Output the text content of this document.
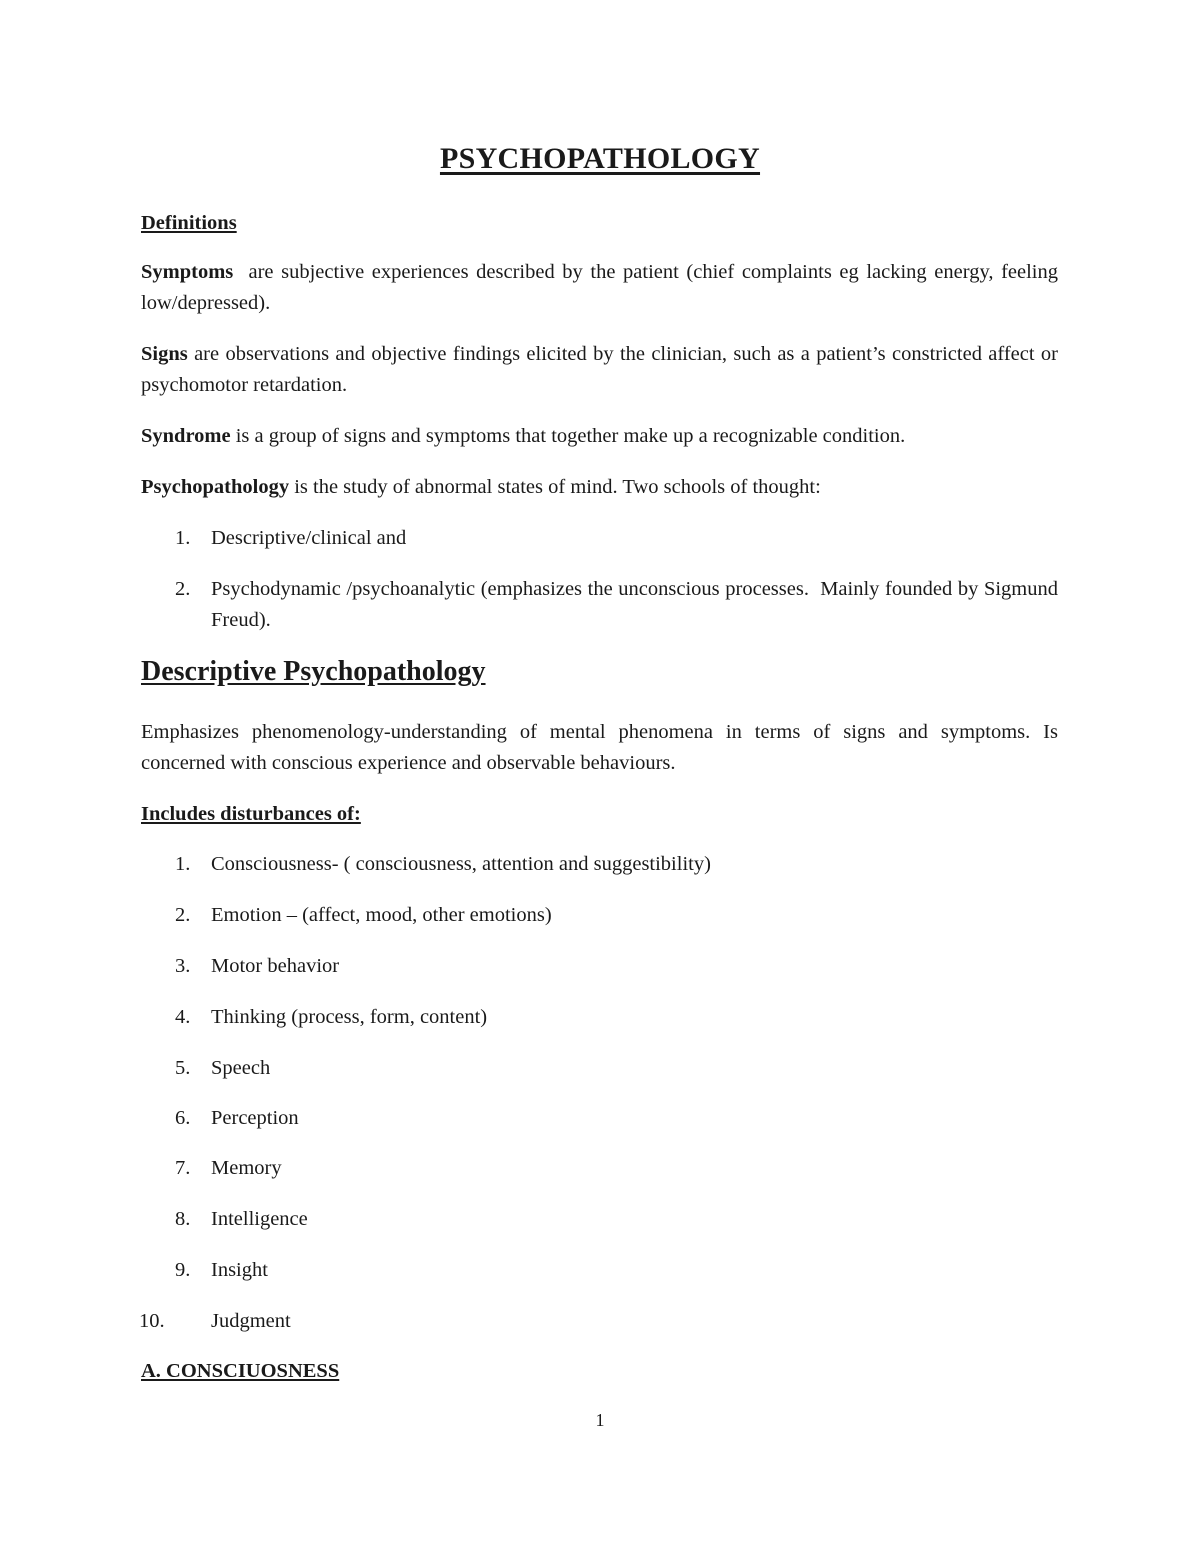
PSYCHOPATHOLOGY

Definitions

Symptoms  are subjective experiences described by the patient (chief complaints eg lacking energy, feeling low/depressed).

Signs are observations and objective findings elicited by the clinician, such as a patient’s constricted affect or psychomotor retardation.

Syndrome is a group of signs and symptoms that together make up a recognizable condition.

Psychopathology is the study of abnormal states of mind. Two schools of thought:

1.	Descriptive/clinical and
2.	Psychodynamic /psychoanalytic (emphasizes the unconscious processes.  Mainly founded by Sigmund Freud).
Descriptive Psychopathology

Emphasizes phenomenology-understanding of mental phenomena in terms of signs and symptoms. Is concerned with conscious experience and observable behaviours.

Includes disturbances of:

1.	Consciousness- ( consciousness, attention and suggestibility)
2.	Emotion – (affect, mood, other emotions)
3.	Motor behavior
4.	Thinking (process, form, content)
5.	Speech
6.	Perception
7.	Memory
8.	Intelligence
9.	Insight
10.	Judgment

A. CONSCIUOSNESS

1
